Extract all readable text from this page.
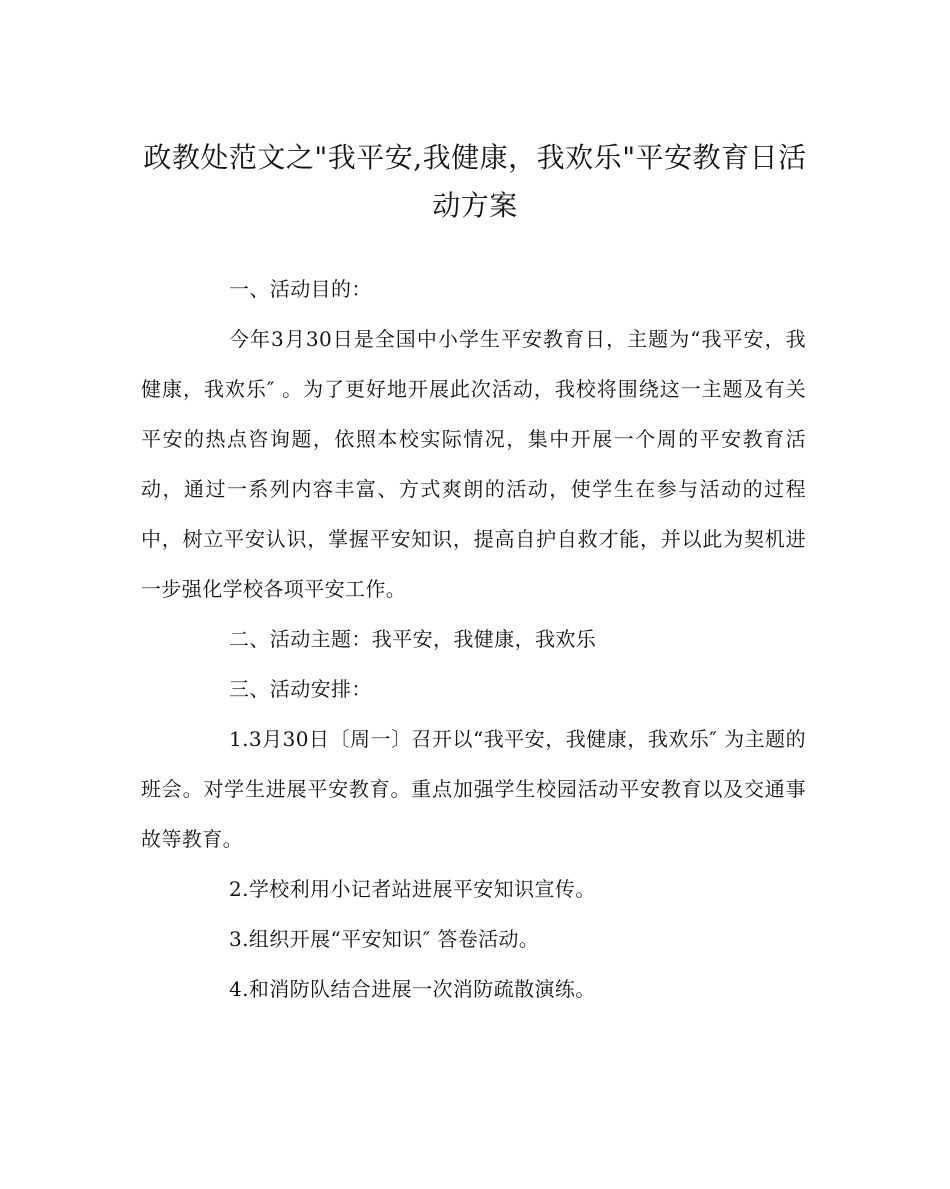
政教处范文之"我平安,我健康，我欢乐"平安教育日活动方案

一、活动目的：

今年3月30日是全国中小学生平安教育日，主题为“我平安，我健康，我欢乐″ 。为了更好地开展此次活动，我校将围绕这一主题及有关平安的热点咨询题，依照本校实际情况，集中开展一个周的平安教育活动，通过一系列内容丰富、方式爽朗的活动，使学生在参与活动的过程中，树立平安认识，掌握平安知识，提高自护自救才能，并以此为契机进一步强化学校各项平安工作。

二、活动主题：我平安，我健康，我欢乐

三、活动安排：

1.3月30日〔周一〕召开以“我平安，我健康，我欢乐″ 为主题的班会。对学生进展平安教育。重点加强学生校园活动平安教育以及交通事故等教育。

2.学校利用小记者站进展平安知识宣传。

3.组织开展“平安知识″ 答卷活动。

4.和消防队结合进展一次消防疏散演练。
